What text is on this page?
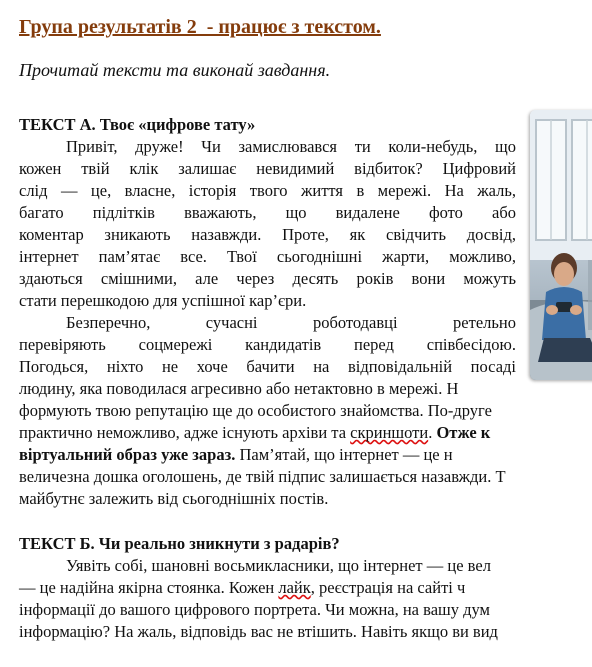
Група результатів 2  - працює з текстом.

Прочитай тексти та виконай завдання.

ТЕКСТ А. Твоє «цифрове тату»

Привіт, друже! Чи замислювався ти коли-небудь, що

кожен твій клік залишає невидимий відбиток? Цифровий

слід — це, власне, історія твого життя в мережі. На жаль,

багато підлітків вважають, що видалене фото або

коментар зникають назавжди. Проте, як свідчить досвід,

інтернет пам’ятає все. Твої сьогоднішні жарти, можливо,

здаються смішними, але через десять років вони можуть

стати перешкодою для успішної кар’єри.

Безперечно, сучасні роботодавці ретельно

перевіряють соцмережі кандидатів перед співбесідою.

Погодься, ніхто не хоче бачити на відповідальній посаді

людину, яка поводилася агресивно або нетактовно в мережі. Н

формують твою репутацію ще до особистого знайомства. По-друге

практично неможливо, адже існують архіви та скриншоти. Отже к

віртуальний образ уже зараз. Пам’ятай, що інтернет — це н

величезна дошка оголошень, де твій підпис залишається назавжди. Т

майбутнє залежить від сьогоднішніх постів.

ТЕКСТ Б. Чи реально зникнути з радарів?

Уявіть собі, шановні восьмикласники, що інтернет — це вел

— це надійна якірна стоянка. Кожен лайк, реєстрація на сайті ч

інформації до вашого цифрового портрета. Чи можна, на вашу дум

інформацію? На жаль, відповідь вас не втішить. Навіть якщо ви вид
